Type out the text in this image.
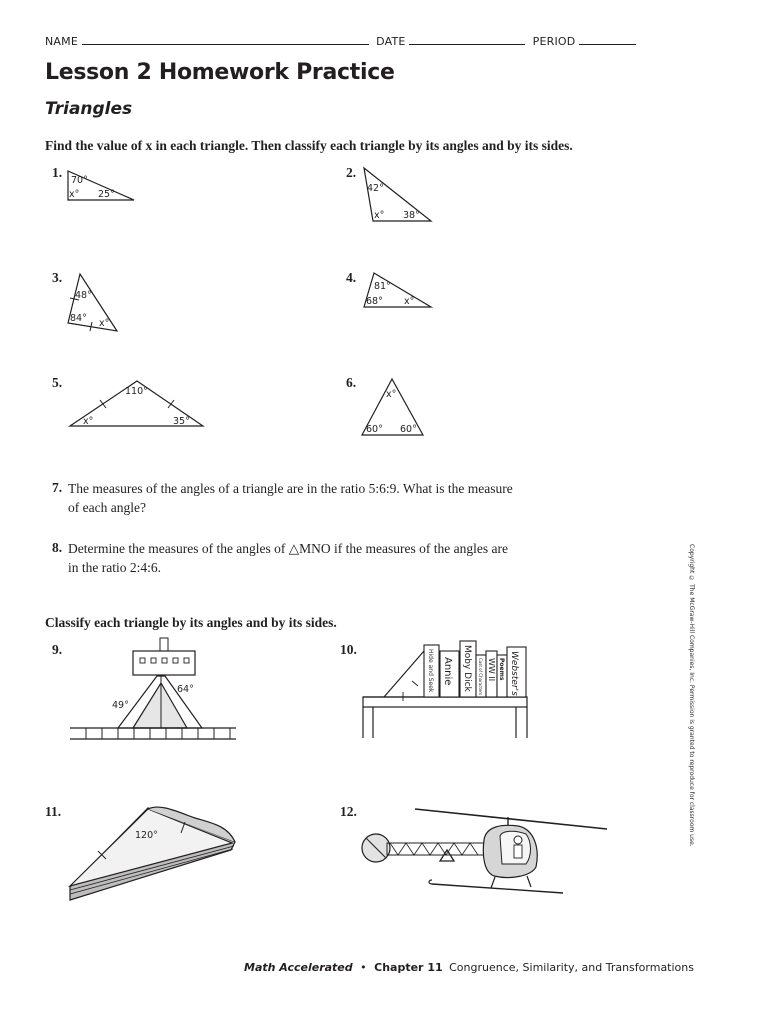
NAME	DATE	PERIOD
Lesson 2 Homework Practice
Triangles
Find the value of x in each triangle. Then classify each triangle by its angles and by its sides.
1.	2.
3.	4.
5.	6.
70°
x° 25°
42°
x° 38°
48°
84° x°
81°
68° x°
110°
x°	35°
x°
60° 60°
7. The measures of the angles of a triangle are in the ratio 5:6:9. What is the measure
of each angle?
8. Determine the measures of the angles of △MNO if the measures of the angles are
in the ratio 2:4:6.
Classify each triangle by its angles and by its sides.
9.	10.
11.	12.
49°
64°	Hide and Seek Annie Moby Dick Cast of Characters WW II Poems Webster's
120°	Copyright © The McGraw-Hill Companies, Inc. Permission is granted to reproduce for classroom use.
Math Accelerated • Chapter 11 Congruence, Similarity, and Transformations
